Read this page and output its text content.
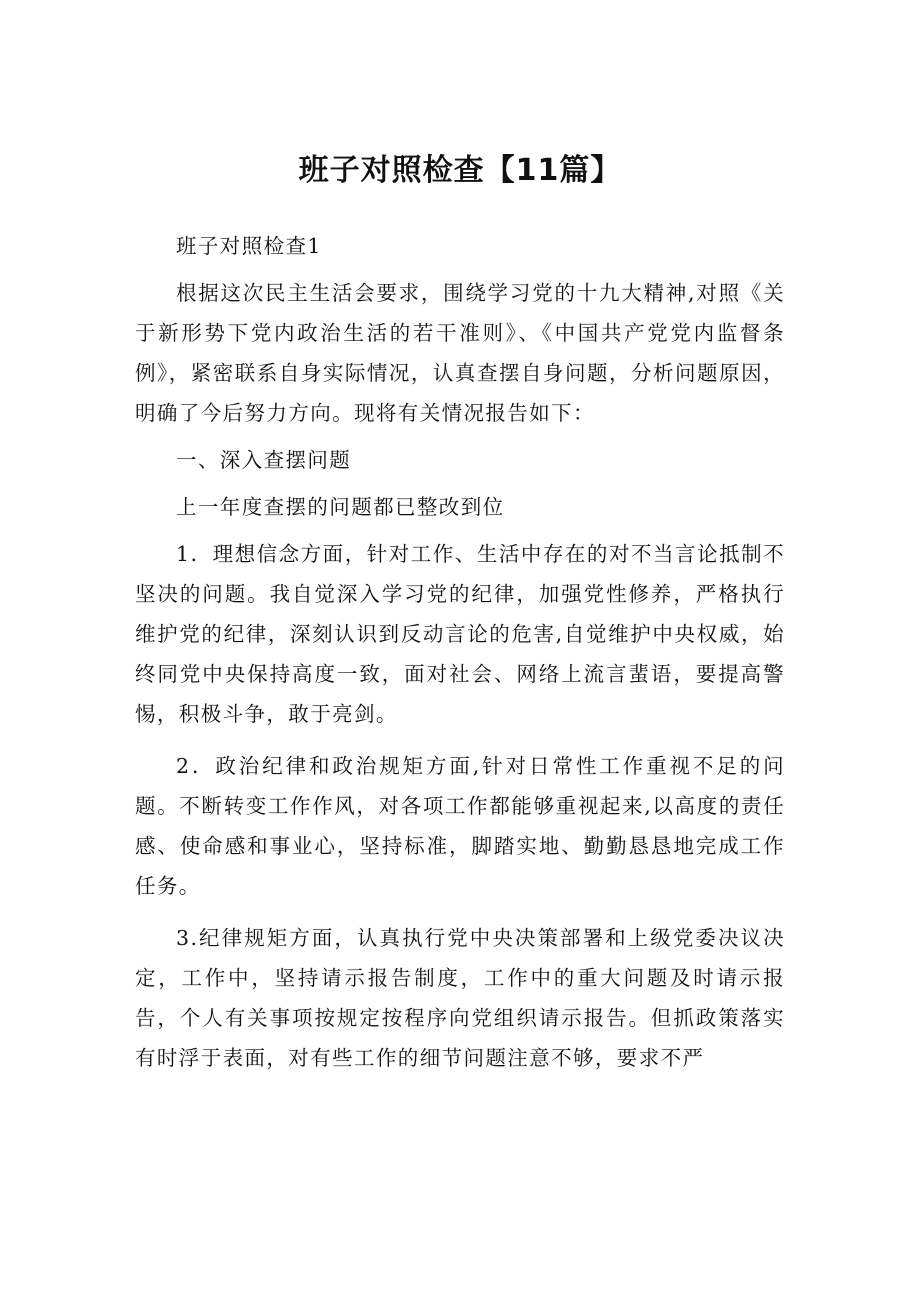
班子对照检查【11篇】

班子对照检查1

根据这次民主生活会要求，围绕学习党的十九大精神,对照《关于新形势下党内政治生活的若干准则》、《中国共产党党内监督条例》，紧密联系自身实际情况，认真查摆自身问题，分析问题原因，明确了今后努力方向。现将有关情况报告如下：

一、深入查摆问题

上一年度查摆的问题都已整改到位

1．理想信念方面，针对工作、生活中存在的对不当言论抵制不坚决的问题。我自觉深入学习党的纪律，加强党性修养，严格执行维护党的纪律，深刻认识到反动言论的危害,自觉维护中央权威，始终同党中央保持高度一致，面对社会、网络上流言蜚语，要提高警惕，积极斗争，敢于亮剑。

2．政治纪律和政治规矩方面,针对日常性工作重视不足的问题。不断转变工作作风，对各项工作都能够重视起来,以高度的责任感、使命感和事业心，坚持标准，脚踏实地、勤勤恳恳地完成工作任务。

3.纪律规矩方面，认真执行党中央决策部署和上级党委决议决定，工作中，坚持请示报告制度，工作中的重大问题及时请示报告，个人有关事项按规定按程序向党组织请示报告。但抓政策落实有时浮于表面，对有些工作的细节问题注意不够，要求不严
